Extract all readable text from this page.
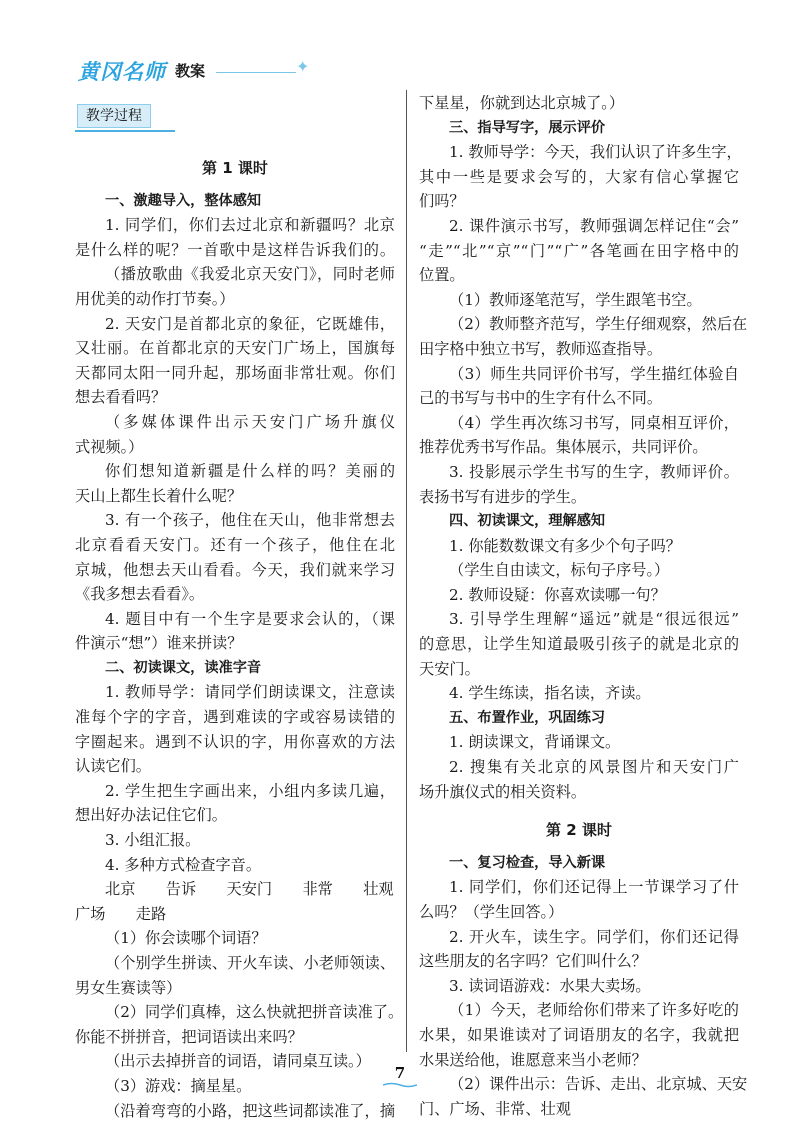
黄冈名师 教案	✦
教学过程
第 1 课时
一、激趣导入，整体感知
1. 同学们，你们去过北京和新疆吗？北京
是什么样的呢？一首歌中是这样告诉我们的。
（播放歌曲《我爱北京天安门》，同时老师
用优美的动作打节奏。）
2. 天安门是首都北京的象征，它既雄伟，
又壮丽。在首都北京的天安门广场上，国旗每
天都同太阳一同升起，那场面非常壮观。你们
想去看看吗？
（多媒体课件出示天安门广场升旗仪
式视频。）
你们想知道新疆是什么样的吗？美丽的
天山上都生长着什么呢？
3. 有一个孩子，他住在天山，他非常想去
北京看看天安门。还有一个孩子，他住在北
京城，他想去天山看看。今天，我们就来学习
《我多想去看看》。
4. 题目中有一个生字是要求会认的，（课
件演示“想”）谁来拼读？
二、初读课文，读准字音
1. 教师导学：请同学们朗读课文，注意读
准每个字的字音，遇到难读的字或容易读错的
字圈起来。遇到不认识的字，用你喜欢的方法
认读它们。
2. 学生把生字画出来，小组内多读几遍，
想出好办法记住它们。
3. 小组汇报。
4. 多种方式检查字音。
北京　　告诉　　天安门　　非常　　壮观
广场　　走路
（1）你会读哪个词语？
（个别学生拼读、开火车读、小老师领读、
男女生赛读等）
（2）同学们真棒，这么快就把拼音读准了。
你能不拼拼音，把词语读出来吗？
（出示去掉拼音的词语，请同桌互读。）
（3）游戏：摘星星。
（沿着弯弯的小路，把这些词都读准了，摘
下星星，你就到达北京城了。）
三、指导写字，展示评价
1. 教师导学：今天，我们认识了许多生字，
其中一些是要求会写的，大家有信心掌握它
们吗？
2. 课件演示书写，教师强调怎样记住“会”
“走”“北”“京”“门”“广”各笔画在田字格中的
位置。
（1）教师逐笔范写，学生跟笔书空。
（2）教师整齐范写，学生仔细观察，然后在
田字格中独立书写，教师巡查指导。
（3）师生共同评价书写，学生描红体验自
己的书写与书中的生字有什么不同。
（4）学生再次练习书写，同桌相互评价，
推荐优秀书写作品。集体展示，共同评价。
3. 投影展示学生书写的生字，教师评价。
表扬书写有进步的学生。
四、初读课文，理解感知
1. 你能数数课文有多少个句子吗？
（学生自由读文，标句子序号。）
2. 教师设疑：你喜欢读哪一句？
3. 引导学生理解“遥远”就是“很远很远”
的意思，让学生知道最吸引孩子的就是北京的
天安门。
4. 学生练读，指名读，齐读。
五、布置作业，巩固练习
1. 朗读课文，背诵课文。
2. 搜集有关北京的风景图片和天安门广
场升旗仪式的相关资料。
第 2 课时
一、复习检查，导入新课
1. 同学们，你们还记得上一节课学习了什
么吗？（学生回答。）
2. 开火车，读生字。同学们，你们还记得
这些朋友的名字吗？它们叫什么？
3. 读词语游戏：水果大卖场。
（1）今天，老师给你们带来了许多好吃的
水果，如果谁读对了词语朋友的名字，我就把
水果送给他，谁愿意来当小老师？
（2）课件出示：告诉、走出、北京城、天安
门、广场、非常、壮观
7
